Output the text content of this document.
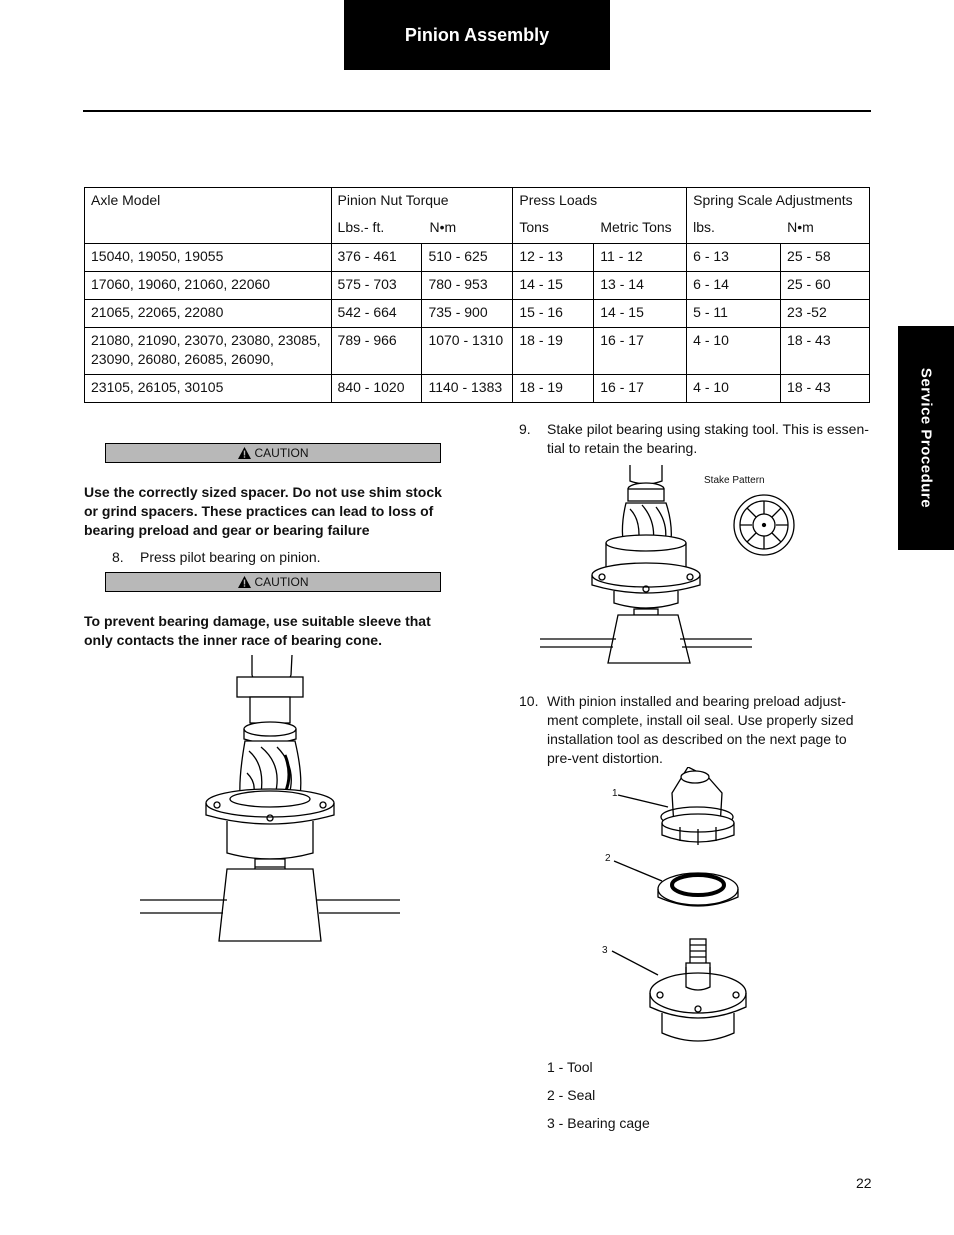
Pinion Assembly
Service Procedure
Axle Model	Pinion Nut Torque		Press Loads		Spring Scale Adjustments	
	Lbs.- ft. N•m		Tons Metric Tons		lbs. N•m	
15040, 19050, 19055	376 - 461	510 - 625	12 - 13	11 - 12	6 - 13	25 - 58
17060, 19060, 21060, 22060	575 - 703	780 - 953	14 - 15	13 - 14	6 - 14	25 - 60
21065, 22065, 22080	542 - 664	735 - 900	15 - 16	14 - 15	5 - 11	23 -52
21080, 21090, 23070, 23080, 23085, 23090, 26080, 26085, 26090,	789 - 966	1070 - 1310	18 - 19	16 - 17	4 - 10	18 - 43
23105, 26105, 30105	840 - 1020	1140 - 1383	18 - 19	16 - 17	4 - 10	18 - 43
CAUTION
Use the correctly sized spacer. Do not use shim stock or grind spacers. These practices can lead to loss of bearing preload and gear or bearing failure
8. Press pilot bearing on pinion.
CAUTION
To prevent bearing damage, use suitable sleeve that only contacts the inner race of bearing cone.
9. Stake pilot bearing using staking tool. This is essen-tial to retain the bearing.
Stake Pattern
10. With pinion installed and bearing preload adjust-ment complete, install oil seal. Use properly sized installation tool as described on the next page to pre-vent distortion.
1
2
3
1 - Tool
2 - Seal
3 - Bearing cage
22
